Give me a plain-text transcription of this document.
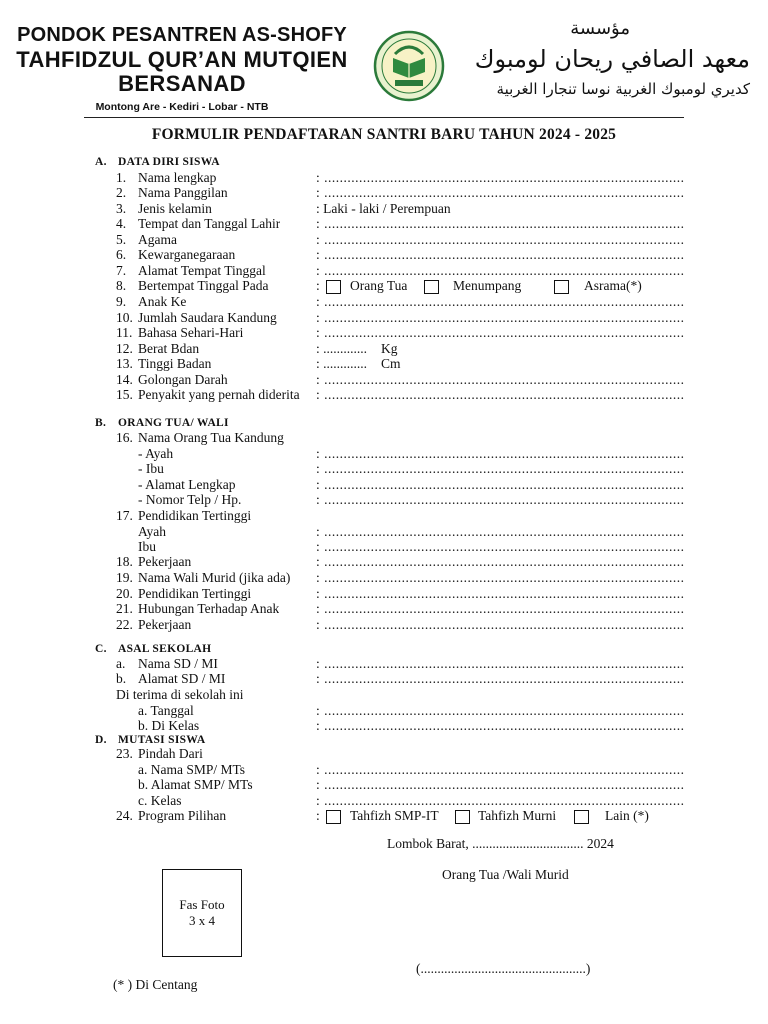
PONDOK PESANTREN AS-SHOFY
TAHFIDZUL QUR’AN MUTQIEN
BERSANAD
Montong Are - Kediri - Lobar - NTB
مؤسسة
معهد الصافي ريحان لومبوك
كديري لومبوك الغربية نوسا تنجارا الغربية
FORMULIR PENDAFTARAN SANTRI BARU TAHUN 2024 - 2025
A. DATA DIRI SISWA
1. Nama lengkap	: .............................................................................................
2. Nama Panggilan	: .............................................................................................
3. Jenis kelamin	: Laki - laki / Perempuan
4. Tempat dan Tanggal Lahir	: .............................................................................................
5. Agama	: .............................................................................................
6. Kewarganegaraan	: .............................................................................................
7. Alamat Tempat Tinggal	: .............................................................................................
8. Bertempat Tinggal Pada	: Orang Tua	Menumpang	Asrama(*)
9. Anak Ke	: .............................................................................................
10. Jumlah Saudara Kandung	: .............................................................................................
11. Bahasa Sehari-Hari	: .............................................................................................
12. Berat Bdan	: ............. Kg
13. Tinggi Badan	: ............. Cm
14. Golongan Darah	: .............................................................................................
15. Penyakit yang pernah diderita	: .............................................................................................
B. ORANG TUA/ WALI
16. Nama Orang Tua Kandung
- Ayah	: .............................................................................................
- Ibu	: .............................................................................................
- Alamat Lengkap	: .............................................................................................
- Nomor Telp / Hp.	: .............................................................................................
17. Pendidikan Tertinggi
Ayah	: .............................................................................................
Ibu	: .............................................................................................
18. Pekerjaan	: .............................................................................................
19. Nama Wali Murid (jika ada) : .............................................................................................
20. Pendidikan Tertinggi	: .............................................................................................
21. Hubungan Terhadap Anak	: .............................................................................................
22. Pekerjaan	: .............................................................................................
C. ASAL SEKOLAH
a. Nama SD / MI	: .............................................................................................
b. Alamat SD / MI	: .............................................................................................
Di terima di sekolah ini
a. Tanggal	: .............................................................................................
b. Di Kelas	: .............................................................................................
D. MUTASI SISWA
23. Pindah Dari
a. Nama SMP/ MTs	: .............................................................................................
b. Alamat SMP/ MTs	: .............................................................................................
c. Kelas	: .............................................................................................
24. Program Pilihan	: Tahfizh SMP-IT	Tahfizh Murni	Lain (*)
Lombok Barat, ................................. 2024
Orang Tua /Wali Murid
Fas Foto
3 x 4
(.................................................)
(* ) Di Centang
